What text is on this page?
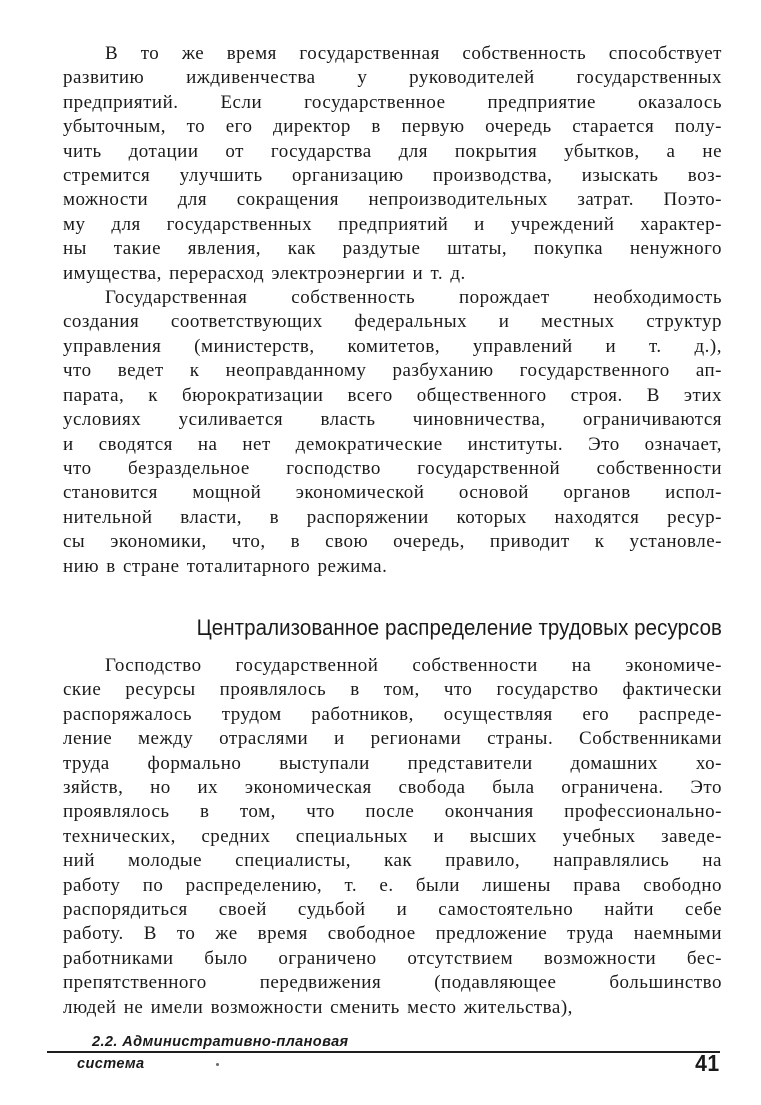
В то же время государственная собственность способствует
развитию иждивенчества у руководителей государственных
предприятий. Если государственное предприятие оказалось
убыточным, то его директор в первую очередь старается полу-
чить дотации от государства для покрытия убытков, а не
стремится улучшить организацию производства, изыскать воз-
можности для сокращения непроизводительных затрат. Поэто-
му для государственных предприятий и учреждений характер-
ны такие явления, как раздутые штаты, покупка ненужного
имущества, перерасход электроэнергии и т. д.
Государственная собственность порождает необходимость
создания соответствующих федеральных и местных структур
управления (министерств, комитетов, управлений и т. д.),
что ведет к неоправданному разбуханию государственного ап-
парата, к бюрократизации всего общественного строя. В этих
условиях усиливается власть чиновничества, ограничиваются
и сводятся на нет демократические институты. Это означает,
что безраздельное господство государственной собственности
становится мощной экономической основой органов испол-
нительной власти, в распоряжении которых находятся ресур-
сы экономики, что, в свою очередь, приводит к установле-
нию в стране тоталитарного режима.
Централизованное распределение трудовых ресурсов
Господство государственной собственности на экономиче-
ские ресурсы проявлялось в том, что государство фактически
распоряжалось трудом работников, осуществляя его распреде-
ление между отраслями и регионами страны. Собственниками
труда формально выступали представители домашних хо-
зяйств, но их экономическая свобода была ограничена. Это
проявлялось в том, что после окончания профессионально-
технических, средних специальных и высших учебных заведе-
ний молодые специалисты, как правило, направлялись на
работу по распределению, т. е. были лишены права свободно
распорядиться своей судьбой и самостоятельно найти себе
работу. В то же время свободное предложение труда наемными
работниками было ограничено отсутствием возможности бес-
препятственного передвижения (подавляющее большинство
людей не имели возможности сменить место жительства),
2.2. Административно-плановая
система	41
